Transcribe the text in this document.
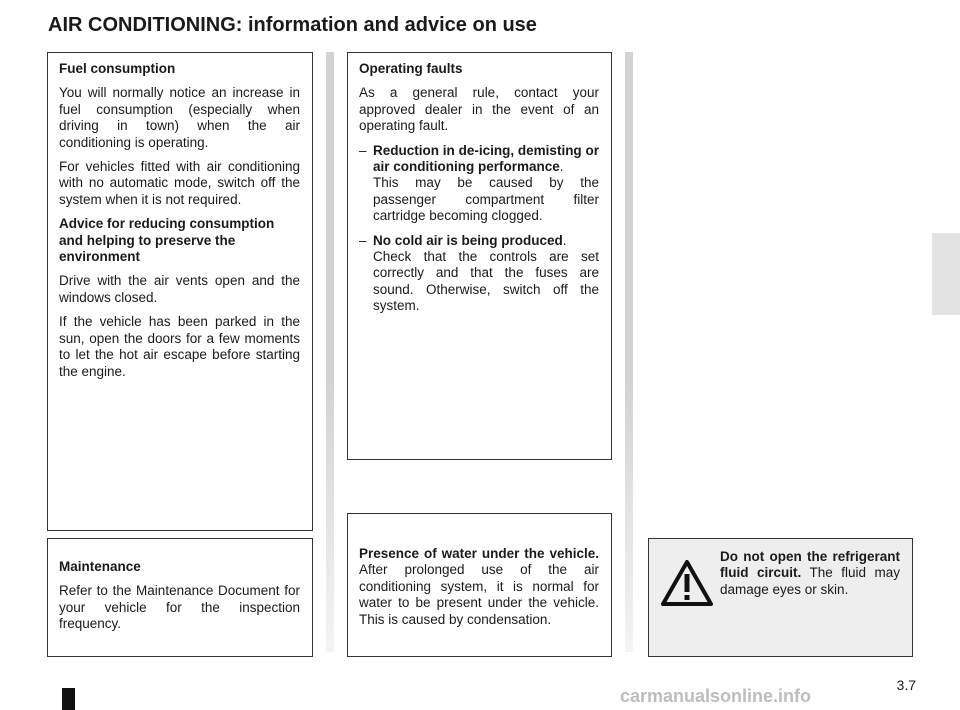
AIR CONDITIONING: information and advice on use

Fuel consumption

You will normally notice an increase in fuel consumption (especially when driving in town) when the air conditioning is operating.

For vehicles fitted with air conditioning with no automatic mode, switch off the system when it is not required.

Advice for reducing consumption and helping to preserve the environment

Drive with the air vents open and the windows closed.

If the vehicle has been parked in the sun, open the doors for a few moments to let the hot air escape before starting the engine.

Operating faults

As a general rule, contact your approved dealer in the event of an operating fault.

– Reduction in de-icing, demisting or air conditioning performance.
This may be caused by the passenger compartment filter cartridge becoming clogged.
– No cold air is being produced.
Check that the controls are set correctly and that the fuses are sound. Otherwise, switch off the system.

Maintenance

Refer to the Maintenance Document for your vehicle for the inspection frequency.

Presence of water under the vehicle. After prolonged use of the air conditioning system, it is normal for water to be present under the vehicle. This is caused by condensation.

Do not open the refrigerant fluid circuit. The fluid may damage eyes or skin.
3.7
carmanualsonline.info
